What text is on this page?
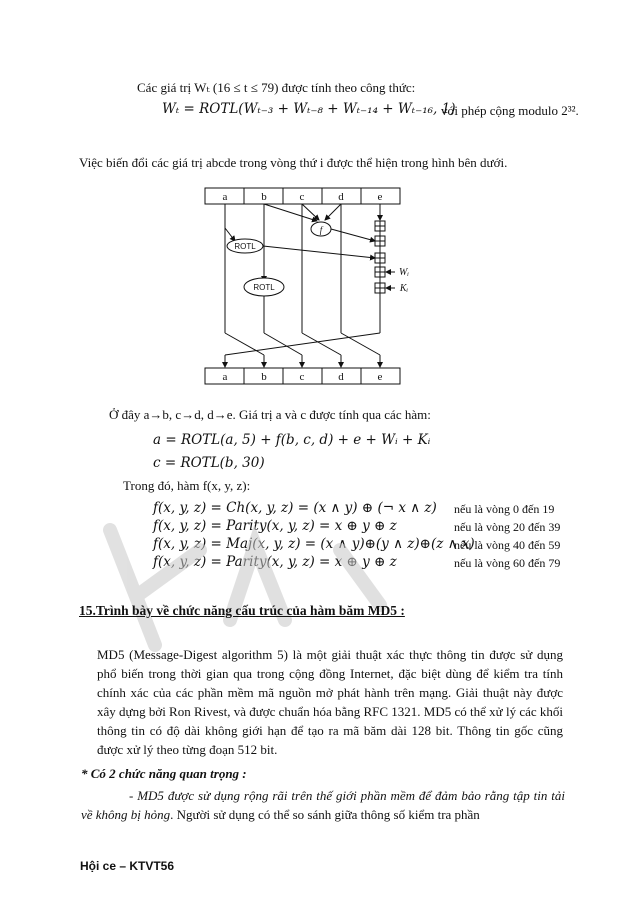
Các giá trị Wₜ (16 ≤ t ≤ 79) được tính theo công thức:
Wₜ = ROTL(Wₜ₋₃ + Wₜ₋₈ + Wₜ₋₁₄ + Wₜ₋₁₆, 1)
với phép cộng modulo 2³².
Việc biến đổi các giá trị abcde trong vòng thứ i được thể hiện trong hình bên dưới.
a	b	c	d	e
a	b	c	d	e
f
ROTL
ROTL
Wᵢ
Kᵢ
Ở đây a→b, c→d, d→e. Giá trị a và c được tính qua các hàm:
a = ROTL(a, 5) + f(b, c, d) + e + Wᵢ + Kᵢ
c = ROTL(b, 30)
Trong đó, hàm f(x, y, z):
f(x, y, z) = Ch(x, y, z) = (x ∧ y) ⊕ (¬ x ∧ z) nếu là vòng 0 đến 19
f(x, y, z) = Parity(x, y, z) = x ⊕ y ⊕ z	nếu là vòng 20 đến 39
f(x, y, z) = Maj(x, y, z) = (x ∧ y)⊕(y ∧ z)⊕(z ∧ x)
nếu là vòng 40 đến 59
f(x, y, z) = Parity(x, y, z) = x ⊕ y ⊕ z	nếu là vòng 60 đến 79
15.Trình bày về chức năng cấu trúc của hàm băm MD5 :
MD5 (Message-Digest algorithm 5) là một giải thuật xác thực thông tin được sử dụng phổ biến trong thời gian qua trong cộng đồng Internet, đặc biệt dùng để kiểm tra tính chính xác của các phần mềm mã nguồn mở phát hành trên mạng. Giải thuật này được xây dựng bởi Ron Rivest, và được chuẩn hóa bằng RFC 1321. MD5 có thể xử lý các khối thông tin có độ dài không giới hạn để tạo ra mã băm dài 128 bit. Thông tin gốc cũng được xử lý theo từng đoạn 512 bit.
* Có 2 chức năng quan trọng :
- MD5 được sử dụng rộng rãi trên thế giới phần mềm để đảm bảo rằng tập tin tải về không bị hỏng. Người sử dụng có thể so sánh giữa thông số kiểm tra phần
Hội ce – KTVT56
